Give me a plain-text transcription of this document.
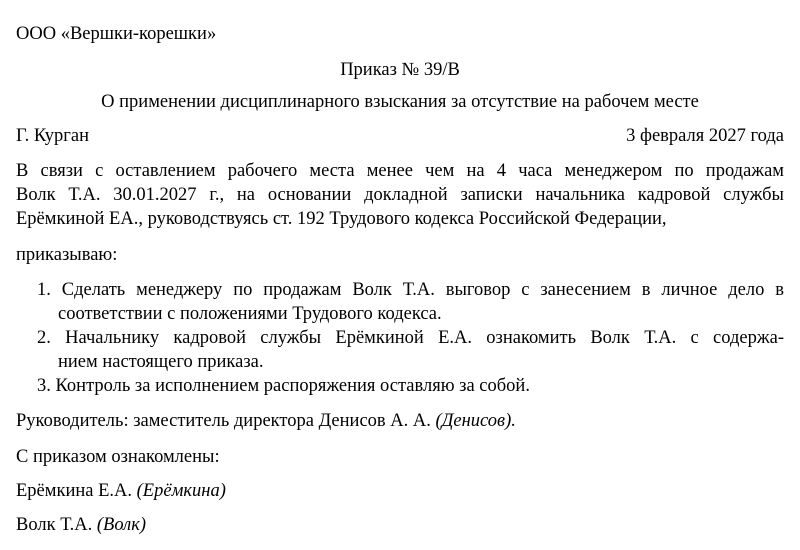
ООО «Вершки-корешки»
Приказ № 39/В
О применении дисциплинарного взыскания за отсутствие на рабочем месте
Г. Курган	3 февраля 2027 года
В связи с оставлением рабочего места менее чем на 4 часа менеджером по продажам
Волк Т.А. 30.01.2027 г., на основании докладной записки начальника кадровой службы
Ерёмкиной ЕА., руководствуясь ст. 192 Трудового кодекса Российской Федерации,
приказываю:
1. Сделать менеджеру по продажам Волк Т.А. выговор с занесением в личное дело в
соответствии с положениями Трудового кодекса.
2. Начальнику кадровой службы Ерёмкиной Е.А. ознакомить Волк Т.А. с содержа-
нием настоящего приказа.
3. Контроль за исполнением распоряжения оставляю за собой.
Руководитель: заместитель директора Денисов А. А. (Денисов).
С приказом ознакомлены:
Ерёмкина Е.А. (Ерёмкина)
Волк Т.А. (Волк)
